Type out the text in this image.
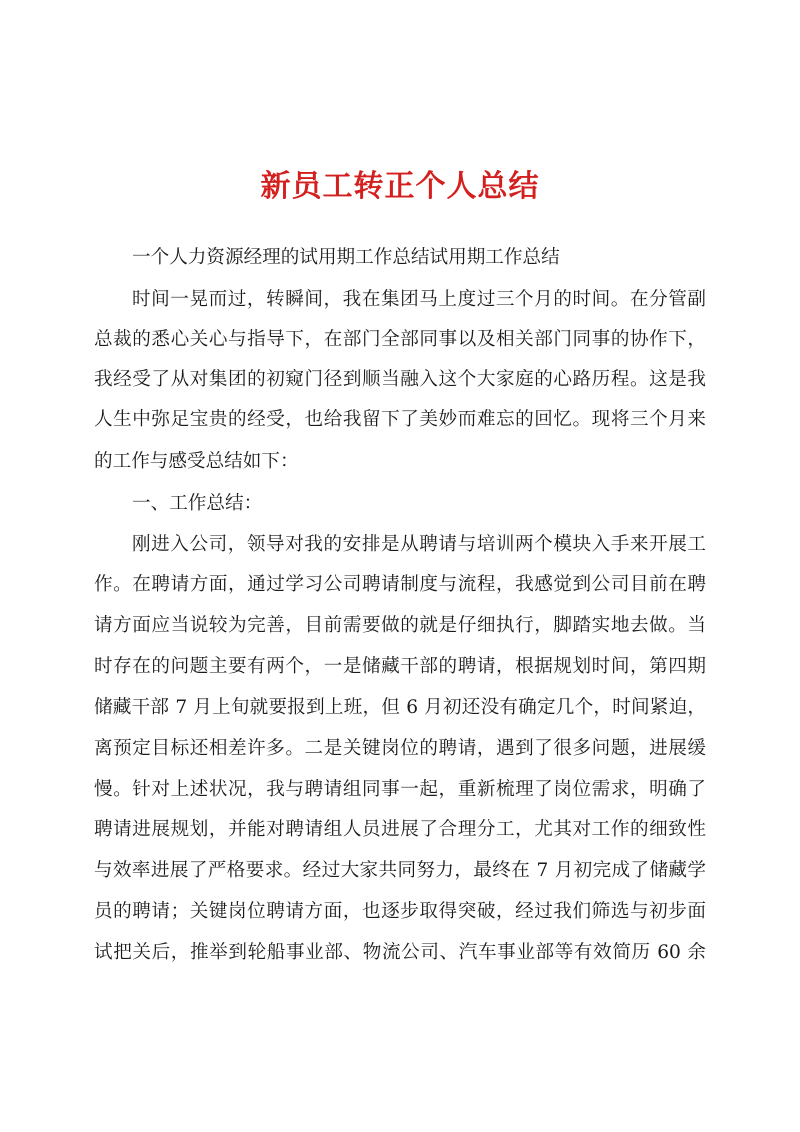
新员工转正个人总结
一个人力资源经理的试用期工作总结试用期工作总结
时间一晃而过，转瞬间，我在集团马上度过三个月的时间。在分管副
总裁的悉心关心与指导下，在部门全部同事以及相关部门同事的协作下，
我经受了从对集团的初窥门径到顺当融入这个大家庭的心路历程。这是我
人生中弥足宝贵的经受，也给我留下了美妙而难忘的回忆。现将三个月来
的工作与感受总结如下：
一、工作总结：
刚进入公司，领导对我的安排是从聘请与培训两个模块入手来开展工
作。在聘请方面，通过学习公司聘请制度与流程，我感觉到公司目前在聘
请方面应当说较为完善，目前需要做的就是仔细执行，脚踏实地去做。当
时存在的问题主要有两个，一是储藏干部的聘请，根据规划时间，第四期
储藏干部 7 月上旬就要报到上班，但 6 月初还没有确定几个，时间紧迫，
离预定目标还相差许多。二是关键岗位的聘请，遇到了很多问题，进展缓
慢。针对上述状况，我与聘请组同事一起，重新梳理了岗位需求，明确了
聘请进展规划，并能对聘请组人员进展了合理分工，尤其对工作的细致性
与效率进展了严格要求。经过大家共同努力，最终在 7 月初完成了储藏学
员的聘请；关键岗位聘请方面，也逐步取得突破，经过我们筛选与初步面
试把关后，推举到轮船事业部、物流公司、汽车事业部等有效简历 60 余
